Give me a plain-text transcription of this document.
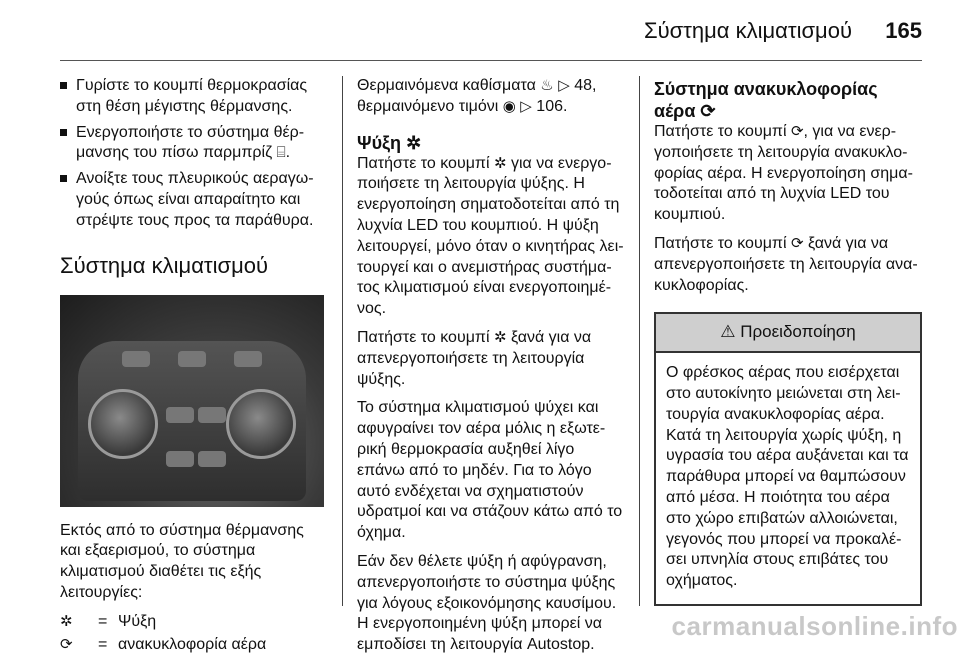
Σύστημα κλιματισμού 165
Γυρίστε το κουμπί θερμοκρασίας στη θέση μέγιστης θέρμανσης.
Ενεργοποιήστε το σύστημα θέρμανσης του πίσω παρμπρίζ ⌸.
Ανοίξτε τους πλευρικούς αεραγωγούς όπως είναι απαραίτητο και στρέψτε τους προς τα παράθυρα.
Σύστημα κλιματισμού
Εκτός από το σύστημα θέρμανσης και εξαερισμού, το σύστημα κλιματισμού διαθέτει τις εξής λειτουργίες:
✲	= Ψύξη
⟳	= ανακυκλοφορία αέρα
Θερμαινόμενα καθίσματα ♨ ▷ 48, θερμαινόμενο τιμόνι ◉ ▷ 106.
Ψύξη ✲
Πατήστε το κουμπί ✲ για να ενεργοποιήσετε τη λειτουργία ψύξης. Η ενεργοποίηση σηματοδοτείται από τη λυχνία LED του κουμπιού. Η ψύξη λειτουργεί, μόνο όταν ο κινητήρας λειτουργεί και ο ανεμιστήρας συστήματος κλιματισμού είναι ενεργοποιημένος.
Πατήστε το κουμπί ✲ ξανά για να απενεργοποιήσετε τη λειτουργία ψύξης.
Το σύστημα κλιματισμού ψύχει και αφυγραίνει τον αέρα μόλις η εξωτερική θερμοκρασία αυξηθεί λίγο επάνω από το μηδέν. Για το λόγο αυτό ενδέχεται να σχηματιστούν υδρατμοί και να στάζουν κάτω από το όχημα.
Εάν δεν θέλετε ψύξη ή αφύγρανση, απενεργοποιήστε το σύστημα ψύξης για λόγους εξοικονόμησης καυσίμου. Η ενεργοποιημένη ψύξη μπορεί να εμποδίσει τη λειτουργία Autostop.
Σύστημα ανακυκλοφορίας αέρα ⟳
Πατήστε το κουμπί ⟳, για να ενεργοποιήσετε τη λειτουργία ανακυκλοφορίας αέρα. Η ενεργοποίηση σηματοδοτείται από τη λυχνία LED του κουμπιού.
Πατήστε το κουμπί ⟳ ξανά για να απενεργοποιήσετε τη λειτουργία ανακυκλοφορίας.
⚠ Προειδοποίηση
Ο φρέσκος αέρας που εισέρχεται στο αυτοκίνητο μειώνεται στη λειτουργία ανακυκλοφορίας αέρα. Κατά τη λειτουργία χωρίς ψύξη, η υγρασία του αέρα αυξάνεται και τα παράθυρα μπορεί να θαμπώσουν από μέσα. Η ποιότητα του αέρα στο χώρο επιβατών αλλοιώνεται, γεγονός που μπορεί να προκαλέσει υπνηλία στους επιβάτες του οχήματος.
carmanualsonline.info
